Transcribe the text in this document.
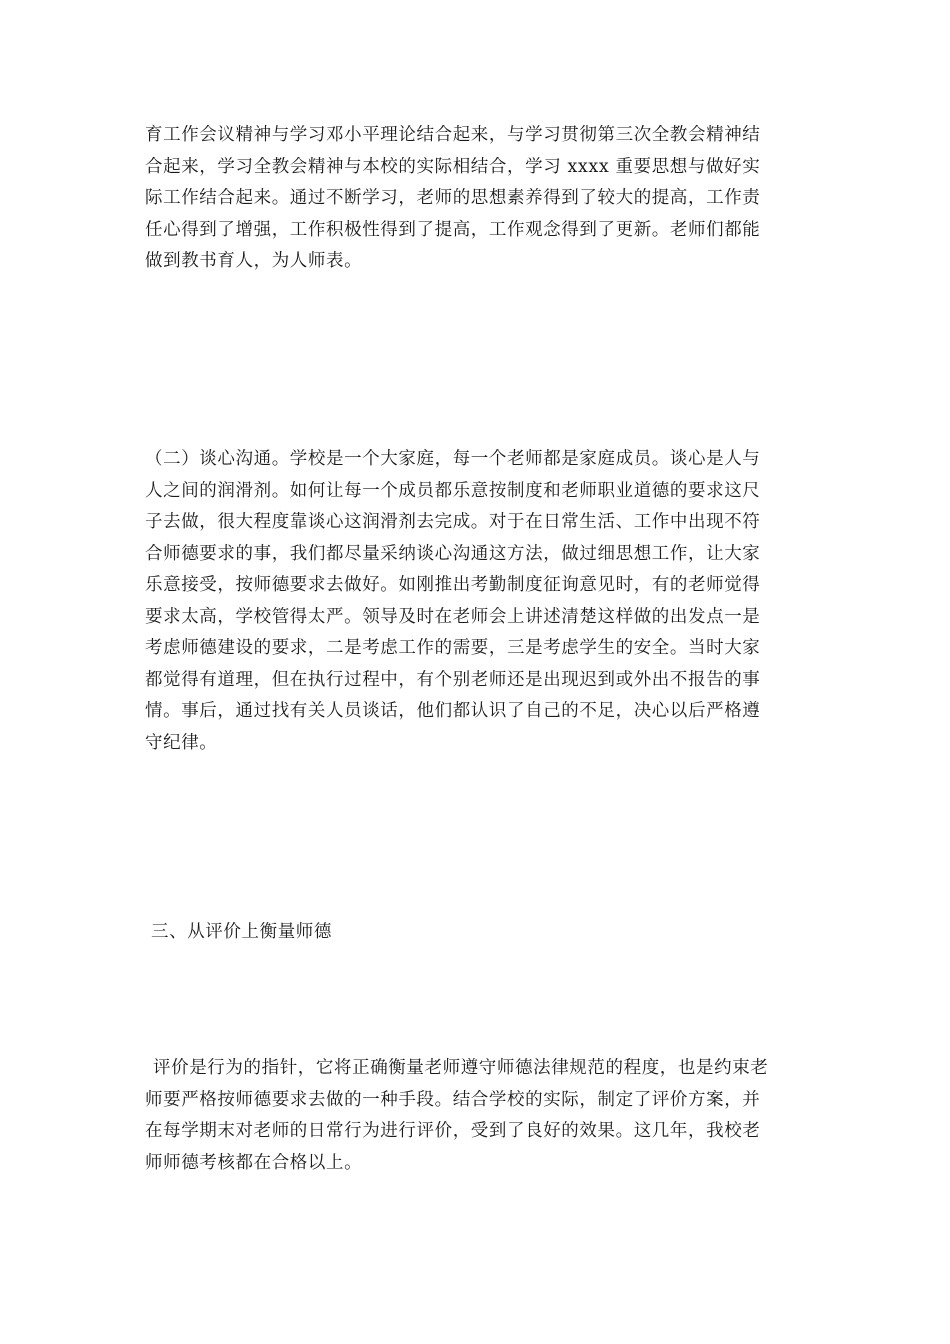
育工作会议精神与学习邓小平理论结合起来，与学习贯彻第三次全教会精神结
合起来，学习全教会精神与本校的实际相结合，学习 xxxx 重要思想与做好实
际工作结合起来。通过不断学习，老师的思想素养得到了较大的提高，工作责
任心得到了增强，工作积极性得到了提高，工作观念得到了更新。老师们都能
做到教书育人，为人师表。
（二）谈心沟通。学校是一个大家庭，每一个老师都是家庭成员。谈心是人与
人之间的润滑剂。如何让每一个成员都乐意按制度和老师职业道德的要求这尺
子去做，很大程度靠谈心这润滑剂去完成。对于在日常生活、工作中出现不符
合师德要求的事，我们都尽量采纳谈心沟通这方法，做过细思想工作，让大家
乐意接受，按师德要求去做好。如刚推出考勤制度征询意见时，有的老师觉得
要求太高，学校管得太严。领导及时在老师会上讲述清楚这样做的出发点一是
考虑师德建设的要求，二是考虑工作的需要，三是考虑学生的安全。当时大家
都觉得有道理，但在执行过程中，有个别老师还是出现迟到或外出不报告的事
情。事后，通过找有关人员谈话，他们都认识了自己的不足，决心以后严格遵
守纪律。
三、从评价上衡量师德
评价是行为的指针，它将正确衡量老师遵守师德法律规范的程度，也是约束老
师要严格按师德要求去做的一种手段。结合学校的实际，制定了评价方案，并
在每学期末对老师的日常行为进行评价，受到了良好的效果。这几年，我校老
师师德考核都在合格以上。
